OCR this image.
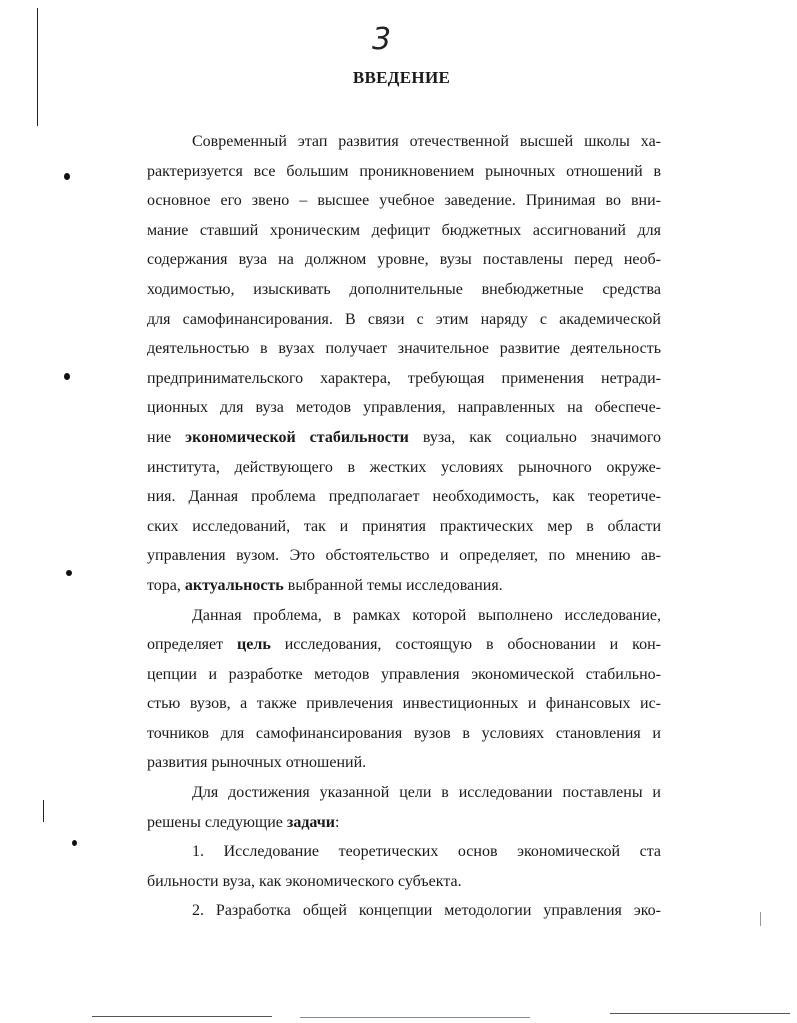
3
ВВЕДЕНИЕ
Современный этап развития отечественной высшей школы ха-
рактеризуется все большим проникновением рыночных отношений в
основное его звено – высшее учебное заведение. Принимая во вни-
мание ставший хроническим дефицит бюджетных ассигнований для
содержания вуза на должном уровне, вузы поставлены перед необ-
ходимостью, изыскивать дополнительные внебюджетные средства
для самофинансирования. В связи с этим наряду с академической
деятельностью в вузах получает значительное развитие деятельность
предпринимательского характера, требующая применения нетради-
ционных для вуза методов управления, направленных на обеспече-
ние экономической стабильности вуза, как социально значимого
института, действующего в жестких условиях рыночного окруже-
ния. Данная проблема предполагает необходимость, как теоретиче-
ских исследований, так и принятия практических мер в области
управления вузом. Это обстоятельство и определяет, по мнению ав-
тора, актуальность выбранной темы исследования.
Данная проблема, в рамках которой выполнено исследование,
определяет цель исследования, состоящую в обосновании и кон-
цепции и разработке методов управления экономической стабильно-
стью вузов, а также привлечения инвестиционных и финансовых ис-
точников для самофинансирования вузов в условиях становления и
развития рыночных отношений.
Для достижения указанной цели в исследовании поставлены и
решены следующие задачи:
1. Исследование теоретических основ экономической ста
бильности вуза, как экономического субъекта.
2. Разработка общей концепции методологии управления эко-
